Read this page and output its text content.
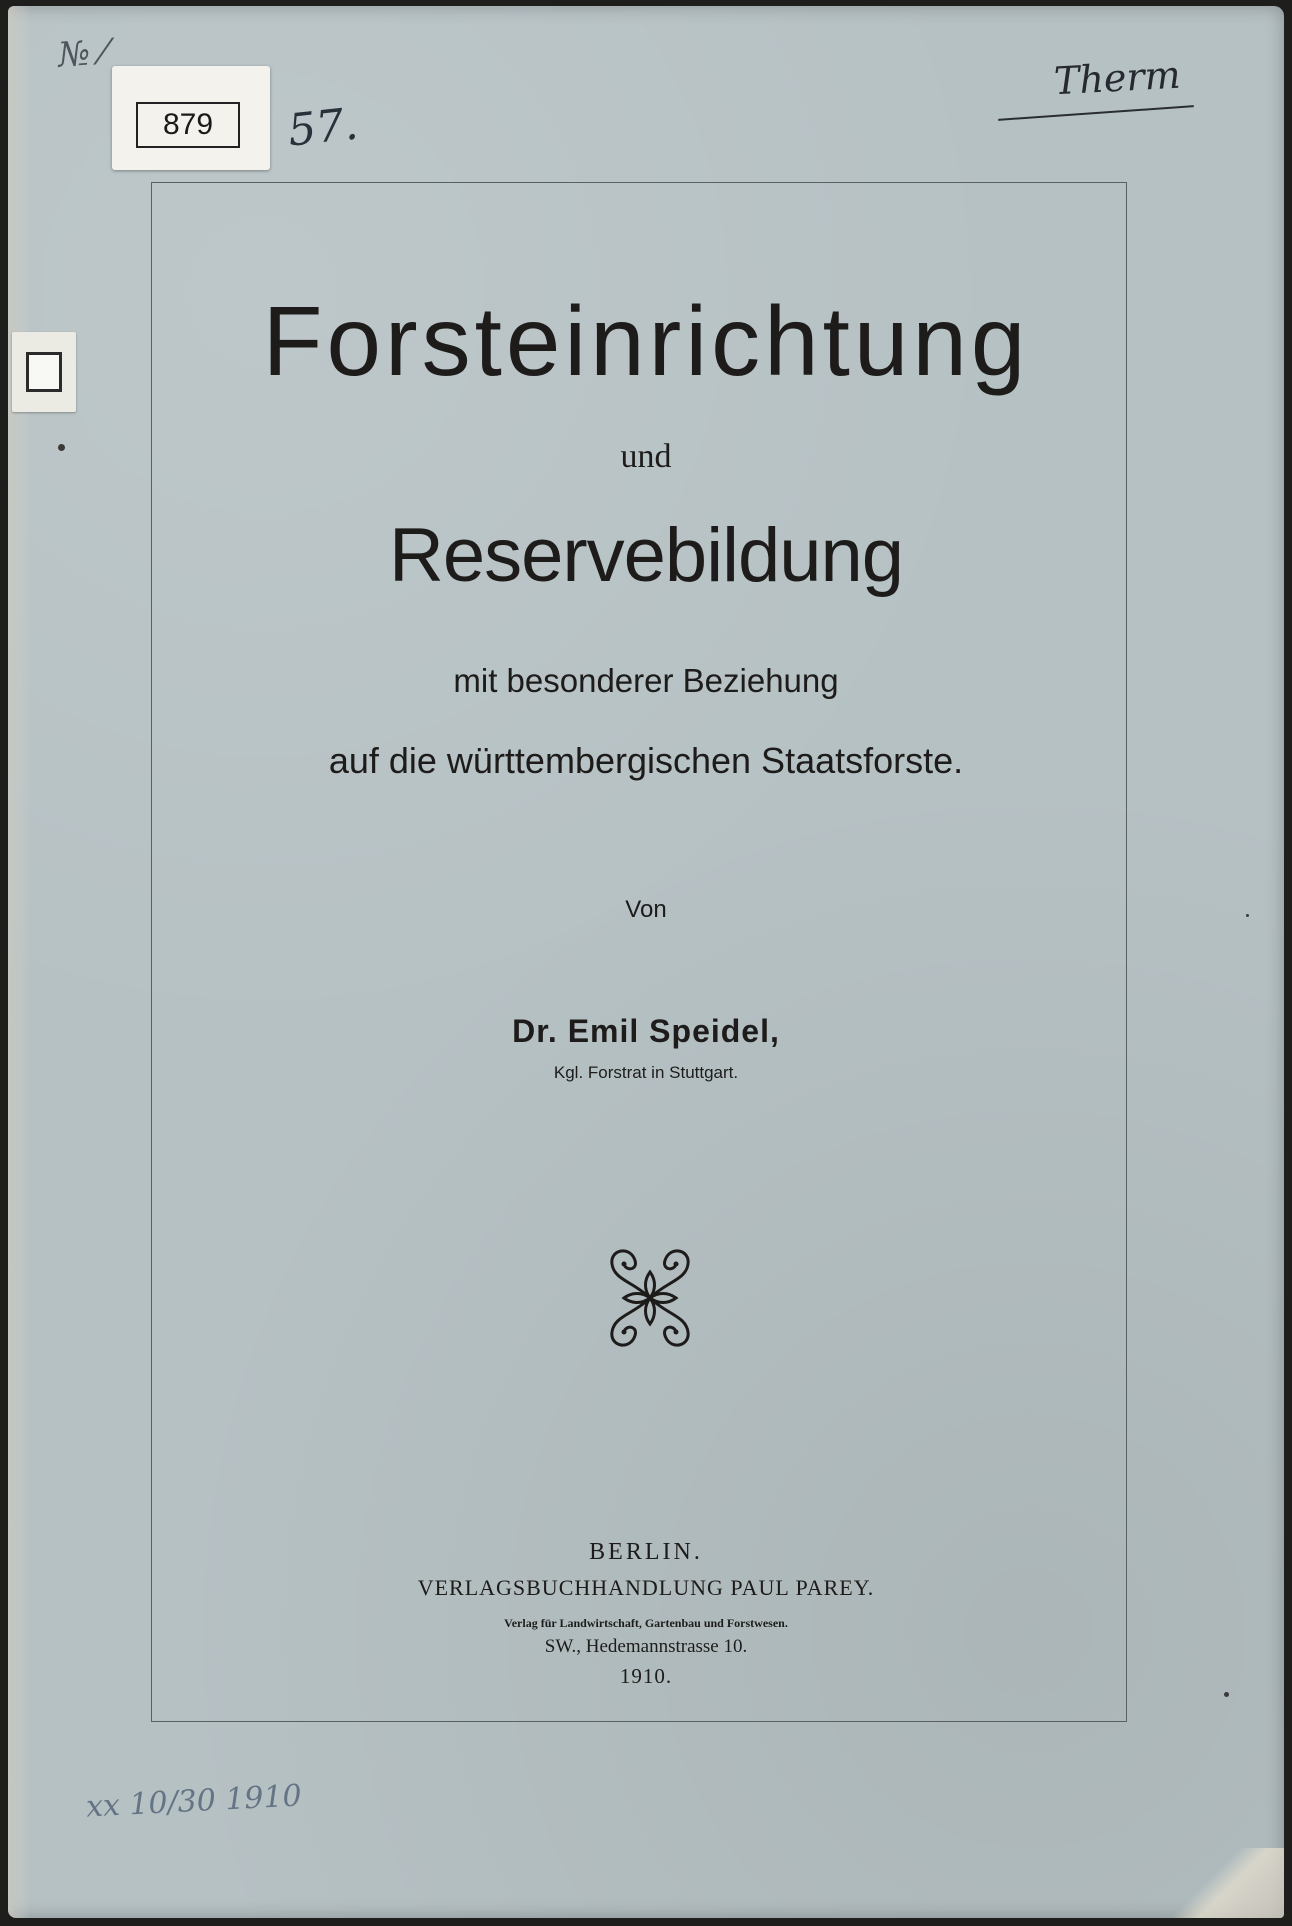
879
№ ⁄
57.
Therm
xx 10/30 1910
Forsteinrichtung
und
Reservebildung
mit besonderer Beziehung
auf die württembergischen Staatsforste.
Von
Dr. Emil Speidel,
Kgl. Forstrat in Stuttgart.
BERLIN.
VERLAGSBUCHHANDLUNG PAUL PAREY.
Verlag für Landwirtschaft, Gartenbau und Forstwesen.
SW., Hedemannstrasse 10.
1910.
